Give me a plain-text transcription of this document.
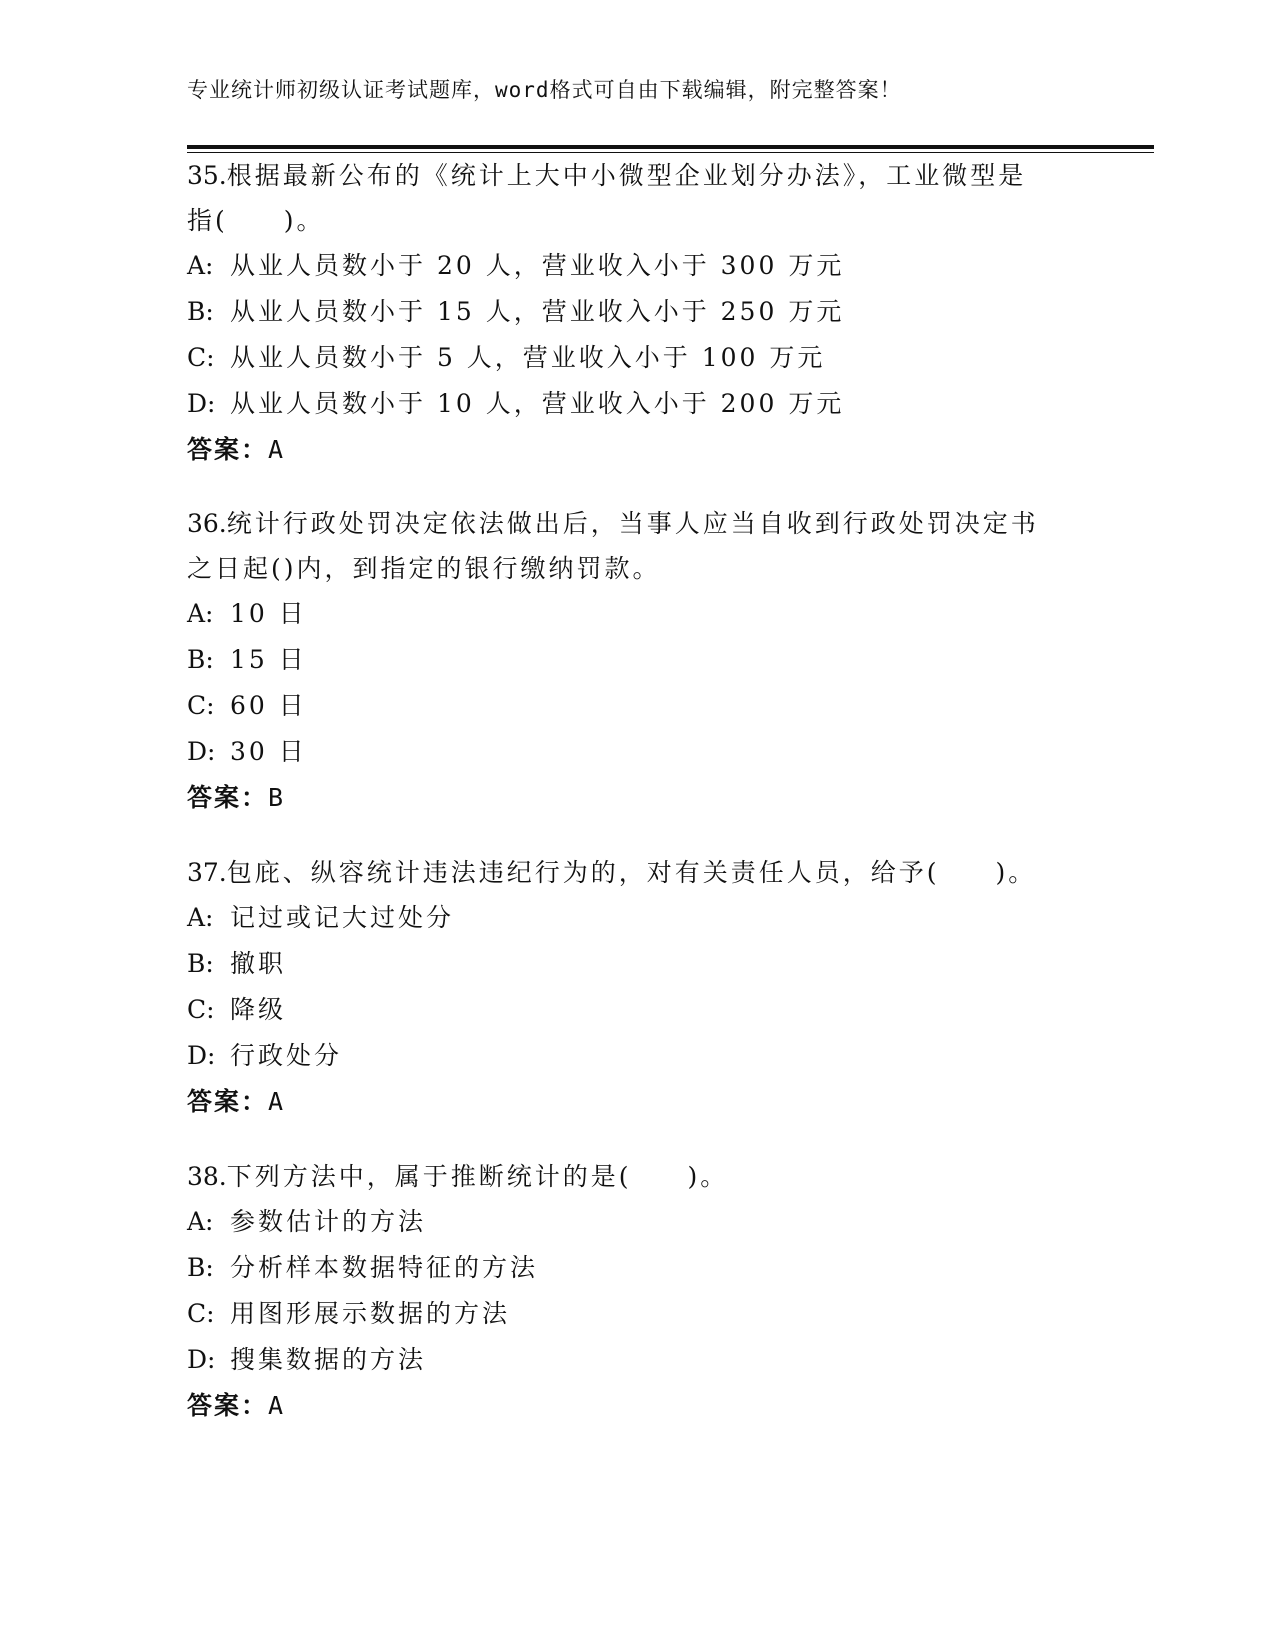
专业统计师初级认证考试题库，word格式可自由下载编辑，附完整答案！
35.根据最新公布的《统计上大中小微型企业划分办法》，工业微型是
指(　　)。
A: 从业人员数小于 20 人，营业收入小于 300 万元
B: 从业人员数小于 15 人，营业收入小于 250 万元
C: 从业人员数小于 5 人，营业收入小于 100 万元
D: 从业人员数小于 10 人，营业收入小于 200 万元
答案：A
36.统计行政处罚决定依法做出后，当事人应当自收到行政处罚决定书
之日起()内，到指定的银行缴纳罚款。
A: 10 日
B: 15 日
C: 60 日
D: 30 日
答案：B
37.包庇、纵容统计违法违纪行为的，对有关责任人员，给予(　　)。
A: 记过或记大过处分
B: 撤职
C: 降级
D: 行政处分
答案：A
38.下列方法中，属于推断统计的是(　　)。
A: 参数估计的方法
B: 分析样本数据特征的方法
C: 用图形展示数据的方法
D: 搜集数据的方法
答案：A
